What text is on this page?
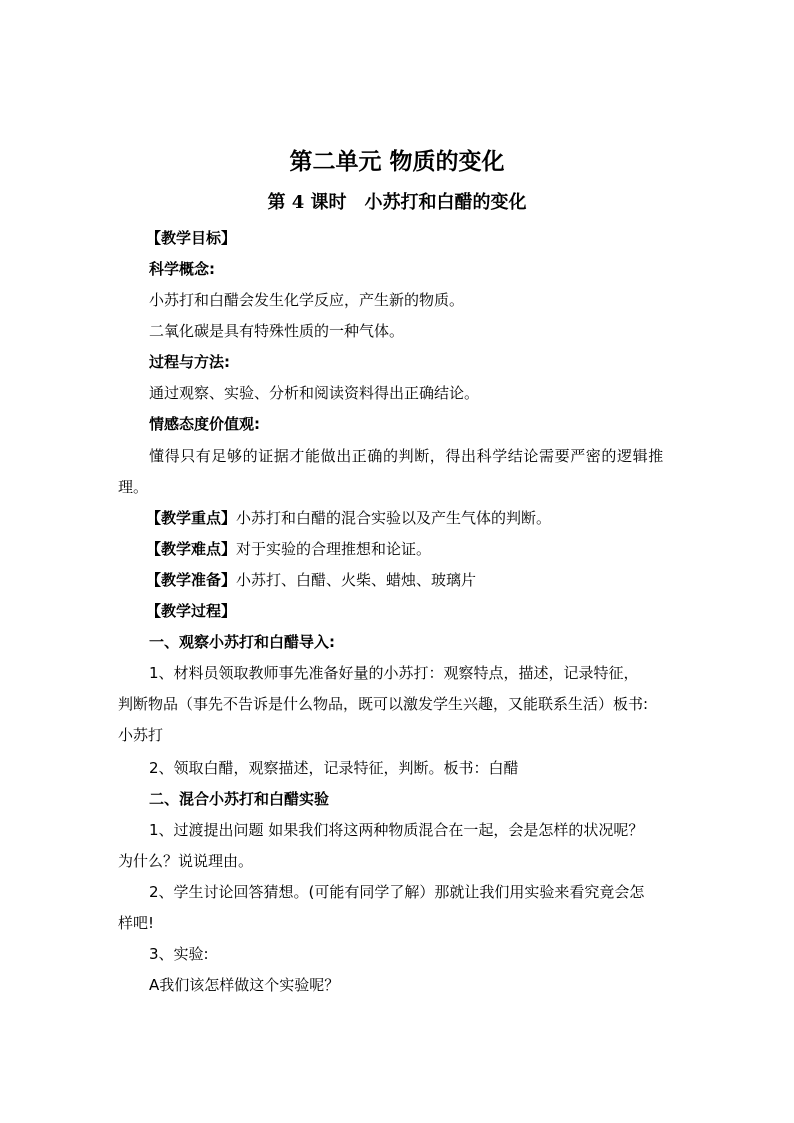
第二单元 物质的变化
第 4 课时　小苏打和白醋的变化
【教学目标】
科学概念:
小苏打和白醋会发生化学反应，产生新的物质。
二氧化碳是具有特殊性质的一种气体。
过程与方法:
通过观察、实验、分析和阅读资料得出正确结论。
情感态度价值观:
懂得只有足够的证据才能做出正确的判断，得出科学结论需要严密的逻辑推
理。
【教学重点】小苏打和白醋的混合实验以及产生气体的判断。
【教学难点】对于实验的合理推想和论证。
【教学准备】小苏打、白醋、火柴、蜡烛、玻璃片
【教学过程】
一、观察小苏打和白醋导入:
1、材料员领取教师事先准备好量的小苏打：观察特点，描述，记录特征，
判断物品（事先不告诉是什么物品，既可以激发学生兴趣，又能联系生活）板书:
小苏打
2、领取白醋，观察描述，记录特征，判断。板书：白醋
二、混合小苏打和白醋实验
1、过渡提出问题 如果我们将这两种物质混合在一起，会是怎样的状况呢？
为什么？说说理由。
2、学生讨论回答猜想。(可能有同学了解）那就让我们用实验来看究竟会怎
样吧!
3、实验:
A我们该怎样做这个实验呢？
